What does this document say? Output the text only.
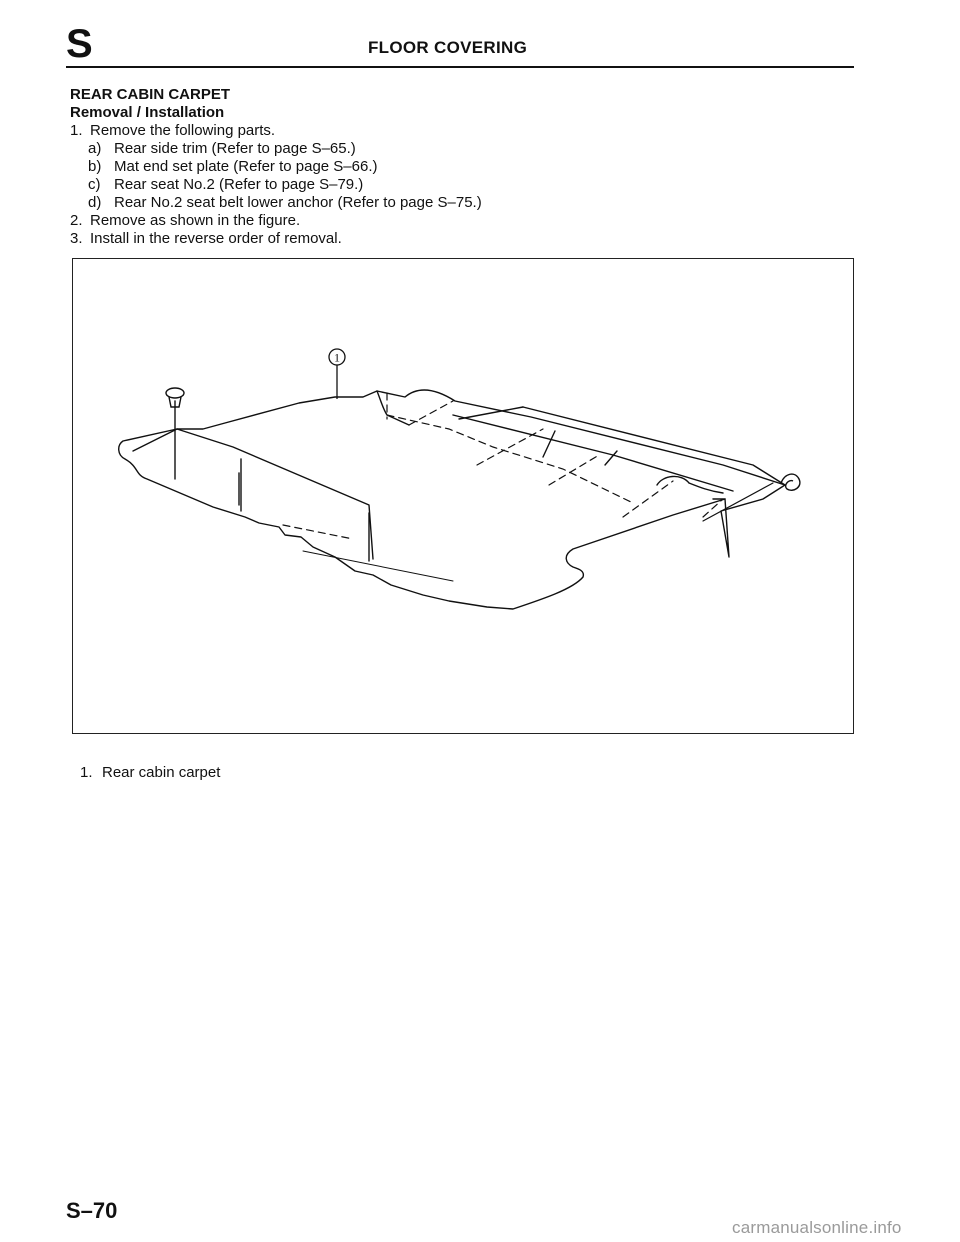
S	FLOOR COVERING
REAR CABIN CARPET
Removal / Installation
1. Remove the following parts.
a) Rear side trim (Refer to page S–65.)
b) Mat end set plate (Refer to page S–66.)
c) Rear seat No.2 (Refer to page S–79.)
d) Rear No.2 seat belt lower anchor (Refer to page S–75.)
2. Remove as shown in the figure.
3. Install in the reverse order of removal.
1
1. Rear cabin carpet
S–70
carmanualsonline.info
